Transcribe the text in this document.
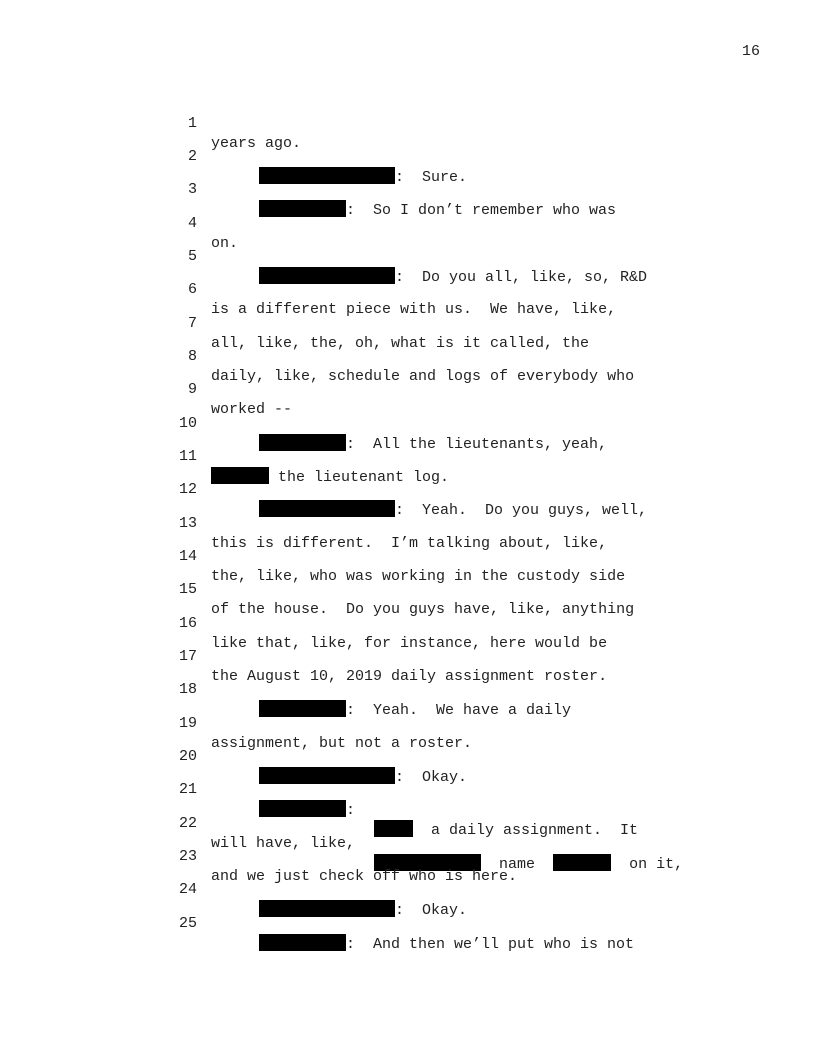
16

1

years ago.

2

:  Sure.

3

:  So I don’t remember who was

4

on.

5

:  Do you all, like, so, R&D

6

is a different piece with us.  We have, like,

7

all, like, the, oh, what is it called, the

8

daily, like, schedule and logs of everybody who

9

worked --

10

:  All the lieutenants, yeah,

11

the lieutenant log.

12

:  Yeah.  Do you guys, well,

13

this is different.  I’m talking about, like,

14

the, like, who was working in the custody side

15

of the house.  Do you guys have, like, anything

16

like that, like, for instance, here would be

17

the August 10, 2019 daily assignment roster.

18

:  Yeah.  We have a daily

19

assignment, but not a roster.

20

:  Okay.

21

:

a daily assignment.  It

22

will have, like,

name	on it,

23

and we just check off who is here.

24

:  Okay.

25

:  And then we’ll put who is not
